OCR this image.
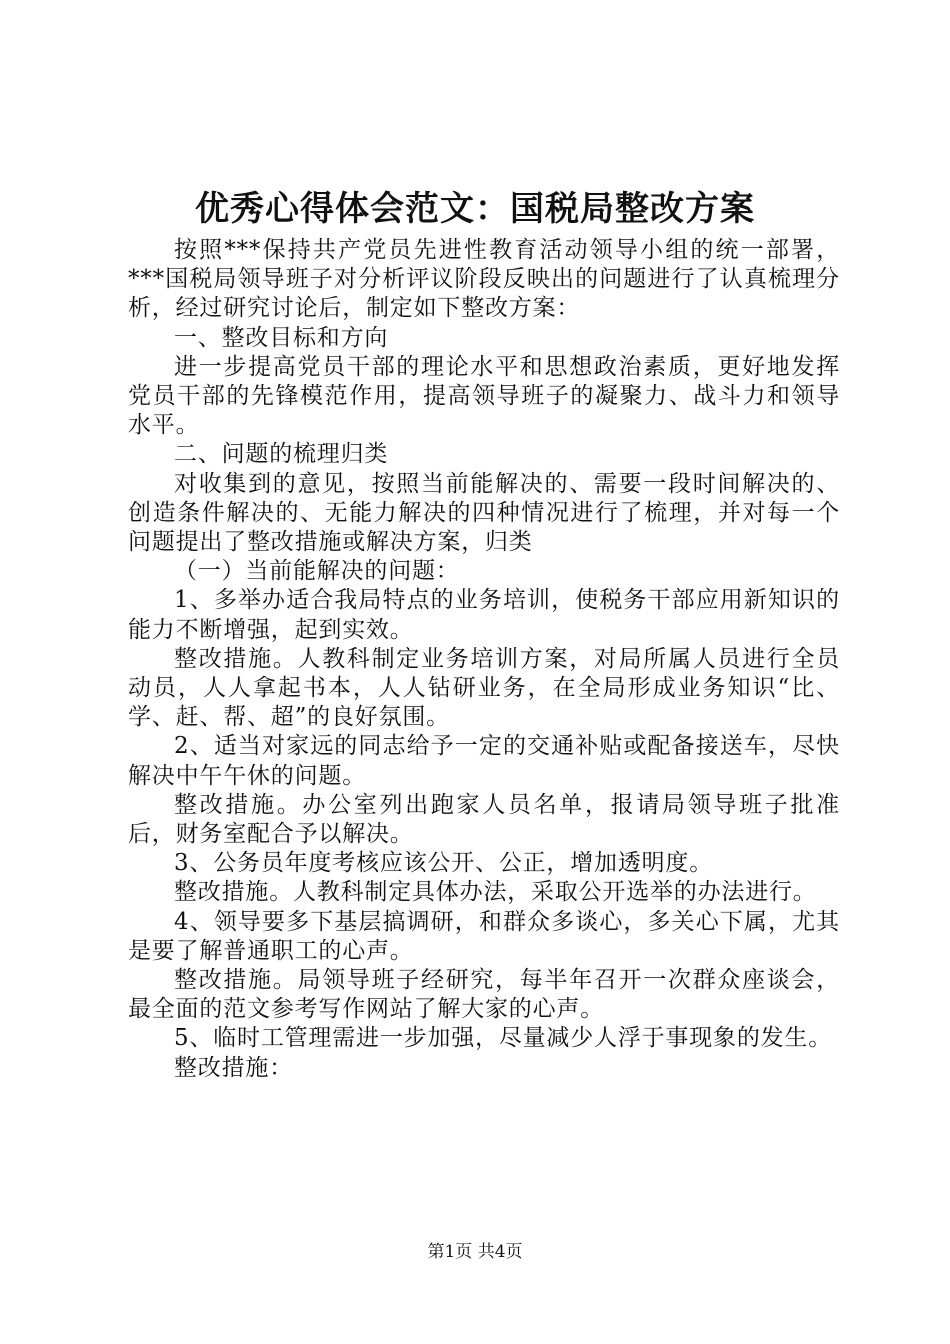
优秀心得体会范文：国税局整改方案

按照***保持共产党员先进性教育活动领导小组的统一部署，***国税局领导班子对分析评议阶段反映出的问题进行了认真梳理分析，经过研究讨论后，制定如下整改方案：

一、整改目标和方向

进一步提高党员干部的理论水平和思想政治素质，更好地发挥党员干部的先锋模范作用，提高领导班子的凝聚力、战斗力和领导水平。

二、问题的梳理归类

对收集到的意见，按照当前能解决的、需要一段时间解决的、创造条件解决的、无能力解决的四种情况进行了梳理，并对每一个问题提出了整改措施或解决方案，归类

（一）当前能解决的问题：

1、多举办适合我局特点的业务培训，使税务干部应用新知识的能力不断增强，起到实效。

整改措施。人教科制定业务培训方案，对局所属人员进行全员动员，人人拿起书本，人人钻研业务，在全局形成业务知识“比、学、赶、帮、超”的良好氛围。

2、适当对家远的同志给予一定的交通补贴或配备接送车，尽快解决中午午休的问题。

整改措施。办公室列出跑家人员名单，报请局领导班子批准后，财务室配合予以解决。

3、公务员年度考核应该公开、公正，增加透明度。

整改措施。人教科制定具体办法，采取公开选举的办法进行。

4、领导要多下基层搞调研，和群众多谈心，多关心下属，尤其是要了解普通职工的心声。

整改措施。局领导班子经研究，每半年召开一次群众座谈会，最全面的范文参考写作网站了解大家的心声。

5、临时工管理需进一步加强，尽量减少人浮于事现象的发生。

整改措施：

第1页 共4页
